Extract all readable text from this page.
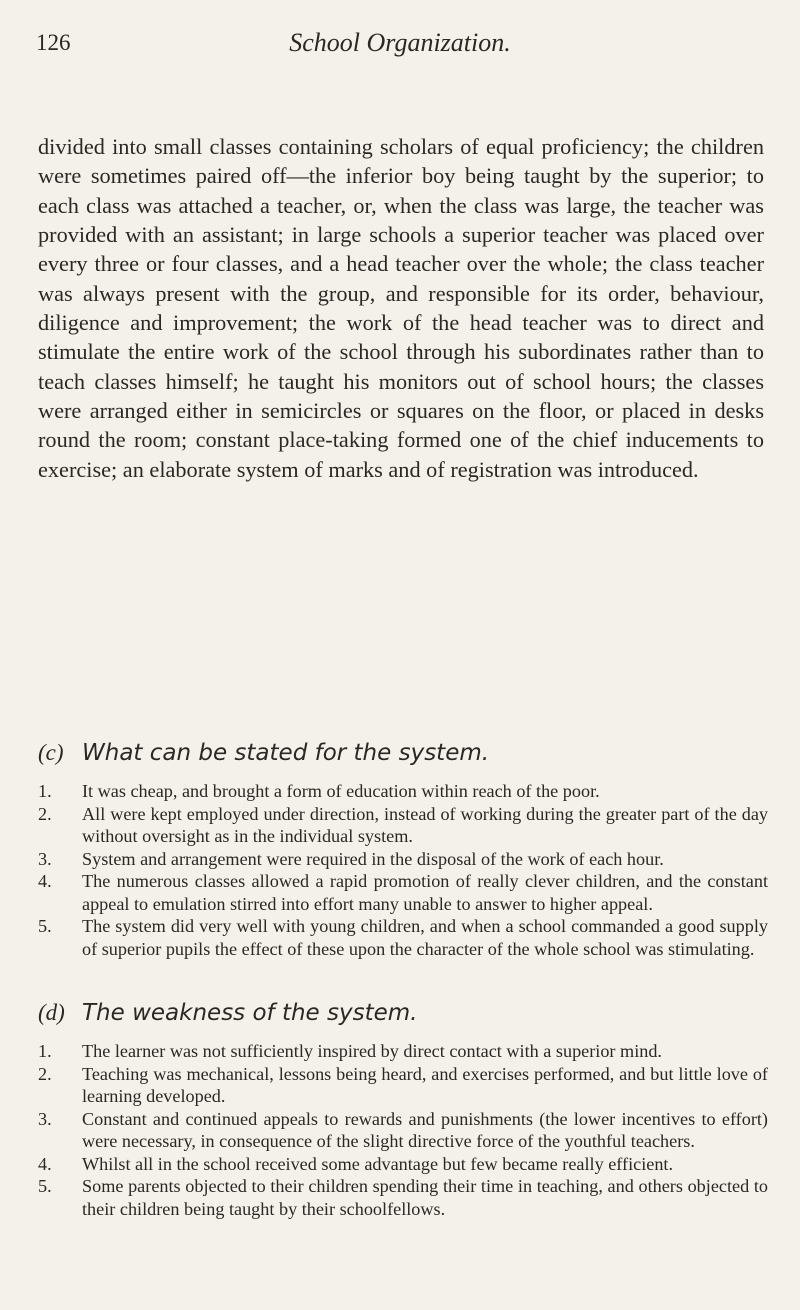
126	School Organization.

divided into small classes containing scholars of equal proficiency; the children were sometimes paired off—the inferior boy being taught by the superior; to each class was attached a teacher, or, when the class was large, the teacher was provided with an assistant; in large schools a superior teacher was placed over every three or four classes, and a head teacher over the whole; the class teacher was always present with the group, and responsible for its order, behaviour, diligence and improvement; the work of the head teacher was to direct and stimulate the entire work of the school through his subordinates rather than to teach classes himself; he taught his monitors out of school hours; the classes were arranged either in semicircles or squares on the floor, or placed in desks round the room; constant place-taking formed one of the chief inducements to exercise; an elaborate system of marks and of registration was introduced.

(c) What can be stated for the system.
1. It was cheap, and brought a form of education within reach of the poor.
2. All were kept employed under direction, instead of working during the greater part of the day without oversight as in the individual system.
3. System and arrangement were required in the disposal of the work of each hour.
4. The numerous classes allowed a rapid promotion of really clever children, and the constant appeal to emulation stirred into effort many unable to answer to higher appeal.
5. The system did very well with young children, and when a school commanded a good supply of superior pupils the effect of these upon the character of the whole school was stimulating.
(d) The weakness of the system.
1. The learner was not sufficiently inspired by direct contact with a superior mind.
2. Teaching was mechanical, lessons being heard, and exercises performed, and but little love of learning developed.
3. Constant and continued appeals to rewards and punishments (the lower incentives to effort) were necessary, in consequence of the slight directive force of the youthful teachers.
4. Whilst all in the school received some advantage but few became really efficient.
5. Some parents objected to their children spending their time in teaching, and others objected to their children being taught by their schoolfellows.
